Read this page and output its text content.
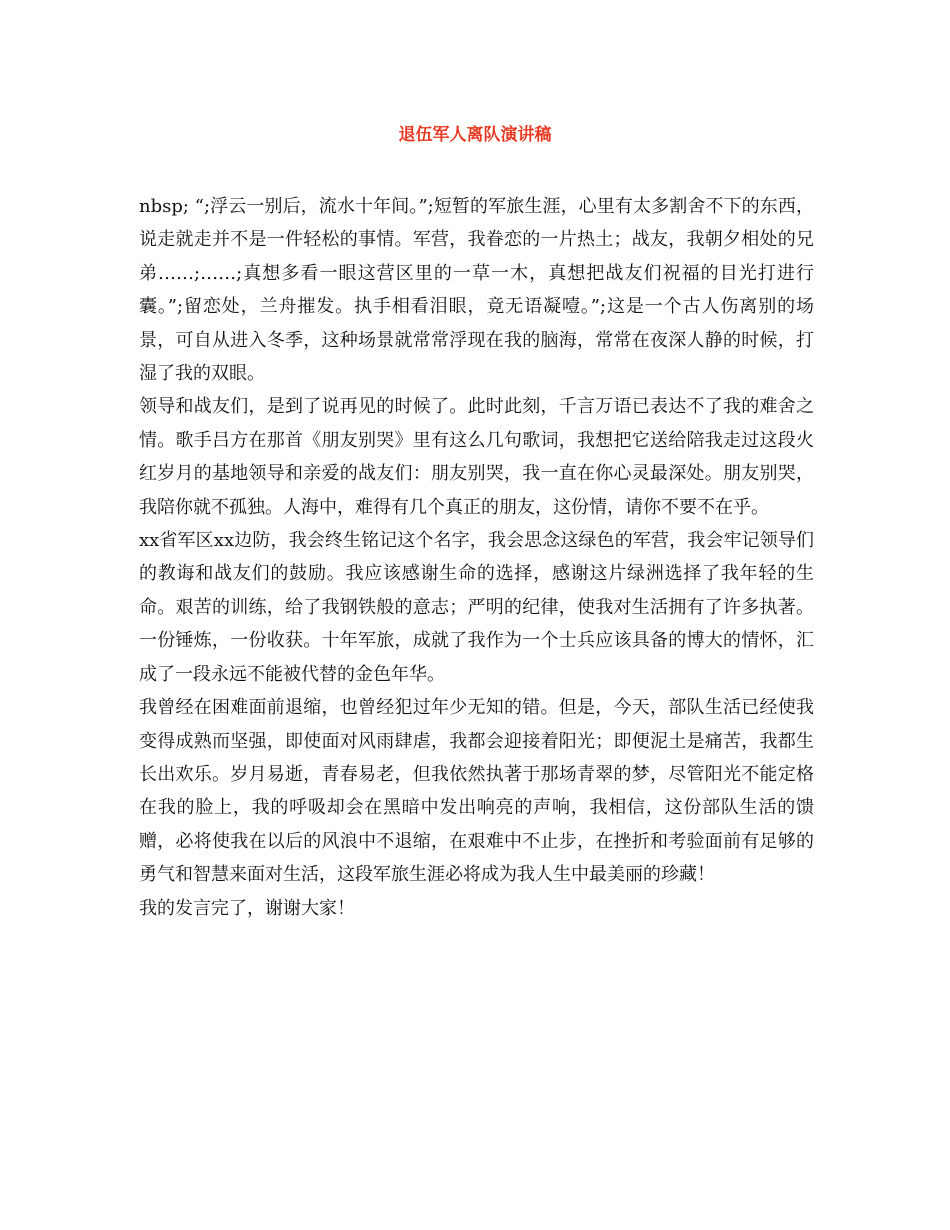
退伍军人离队演讲稿

nbsp; “;浮云一别后，流水十年间。”;短暂的军旅生涯，心里有太多割舍不下的东西，说走就走并不是一件轻松的事情。军营，我眷恋的一片热土；战友，我朝夕相处的兄弟……;……;真想多看一眼这营区里的一草一木，真想把战友们祝福的目光打进行囊。”;留恋处，兰舟摧发。执手相看泪眼，竟无语凝噎。”;这是一个古人伤离别的场景，可自从进入冬季，这种场景就常常浮现在我的脑海，常常在夜深人静的时候，打湿了我的双眼。

领导和战友们，是到了说再见的时候了。此时此刻，千言万语已表达不了我的难舍之情。歌手吕方在那首《朋友别哭》里有这么几句歌词，我想把它送给陪我走过这段火红岁月的基地领导和亲爱的战友们：朋友别哭，我一直在你心灵最深处。朋友别哭，我陪你就不孤独。人海中，难得有几个真正的朋友，这份情，请你不要不在乎。

xx省军区xx边防，我会终生铭记这个名字，我会思念这绿色的军营，我会牢记领导们的教诲和战友们的鼓励。我应该感谢生命的选择，感谢这片绿洲选择了我年轻的生命。艰苦的训练，给了我钢铁般的意志；严明的纪律，使我对生活拥有了许多执著。一份锤炼，一份收获。十年军旅，成就了我作为一个士兵应该具备的博大的情怀，汇成了一段永远不能被代替的金色年华。

我曾经在困难面前退缩，也曾经犯过年少无知的错。但是，今天，部队生活已经使我变得成熟而坚强，即使面对风雨肆虐，我都会迎接着阳光；即便泥土是痛苦，我都生长出欢乐。岁月易逝，青春易老，但我依然执著于那场青翠的梦，尽管阳光不能定格在我的脸上，我的呼吸却会在黑暗中发出响亮的声响，我相信，这份部队生活的馈赠，必将使我在以后的风浪中不退缩，在艰难中不止步，在挫折和考验面前有足够的勇气和智慧来面对生活，这段军旅生涯必将成为我人生中最美丽的珍藏！

我的发言完了，谢谢大家！
